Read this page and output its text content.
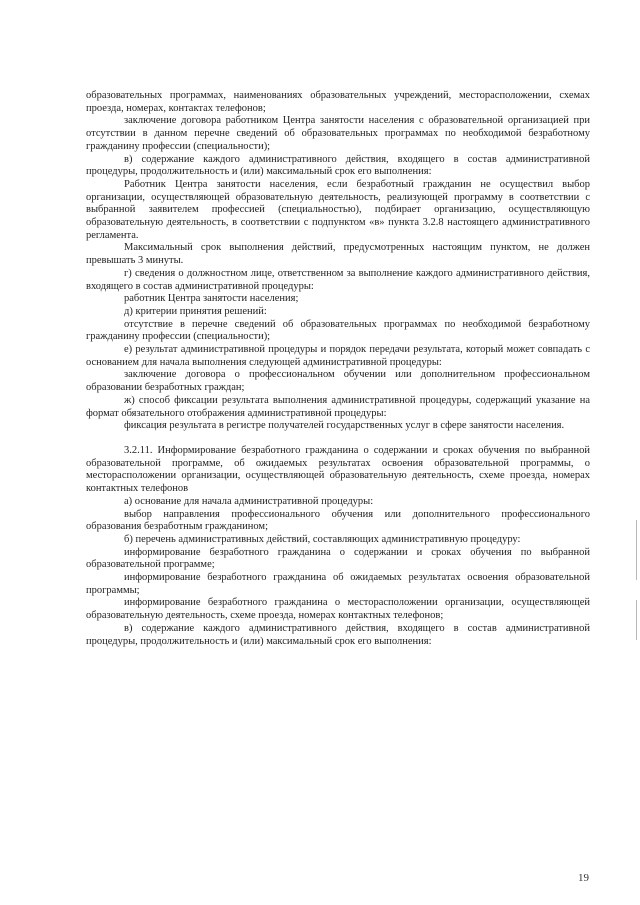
образовательных программах, наименованиях образовательных учреждений, месторасположении, схемах проезда, номерах, контактах телефонов;

заключение договора работником Центра занятости населения с образовательной организацией при отсутствии в данном перечне сведений об образовательных программах по необходимой безработному гражданину профессии (специальности);

в) содержание каждого административного действия, входящего в состав административной процедуры, продолжительность и (или) максимальный срок его выполнения:

Работник Центра занятости населения, если безработный гражданин не осуществил выбор организации, осуществляющей образовательную деятельность, реализующей программу в соответствии с выбранной заявителем профессией (специальностью), подбирает организацию, осуществляющую образовательную деятельность, в соответствии с подпунктом «в» пункта 3.2.8 настоящего административного регламента.

Максимальный срок выполнения действий, предусмотренных настоящим пунктом, не должен превышать 3 минуты.

г) сведения о должностном лице, ответственном за выполнение каждого административного действия, входящего в состав административной процедуры:

работник Центра занятости населения;

д) критерии принятия решений:

отсутствие в перечне сведений об образовательных программах по необходимой безработному гражданину профессии (специальности);

е) результат административной процедуры и порядок передачи результата, который может совпадать с основанием для начала выполнения следующей административной процедуры:

заключение договора о профессиональном обучении или дополнительном профессиональном образовании безработных граждан;

ж) способ фиксации результата выполнения административной процедуры, содержащий указание на формат обязательного отображения административной процедуры:

фиксация результата в регистре получателей государственных услуг в сфере занятости населения.

3.2.11. Информирование безработного гражданина о содержании и сроках обучения по выбранной образовательной программе, об ожидаемых результатах освоения образовательной программы, о месторасположении организации, осуществляющей образовательную деятельность, схеме проезда, номерах контактных телефонов

а) основание для начала административной процедуры:

выбор направления профессионального обучения или дополнительного профессионального образования безработным гражданином;

б) перечень административных действий, составляющих административную процедуру:

информирование безработного гражданина о содержании и сроках обучения по выбранной образовательной программе;

информирование безработного гражданина об ожидаемых результатах освоения образовательной программы;

информирование безработного гражданина о месторасположении организации, осуществляющей образовательную деятельность, схеме проезда, номерах контактных телефонов;

в) содержание каждого административного действия, входящего в состав административной процедуры, продолжительность и (или) максимальный срок его выполнения:

19
